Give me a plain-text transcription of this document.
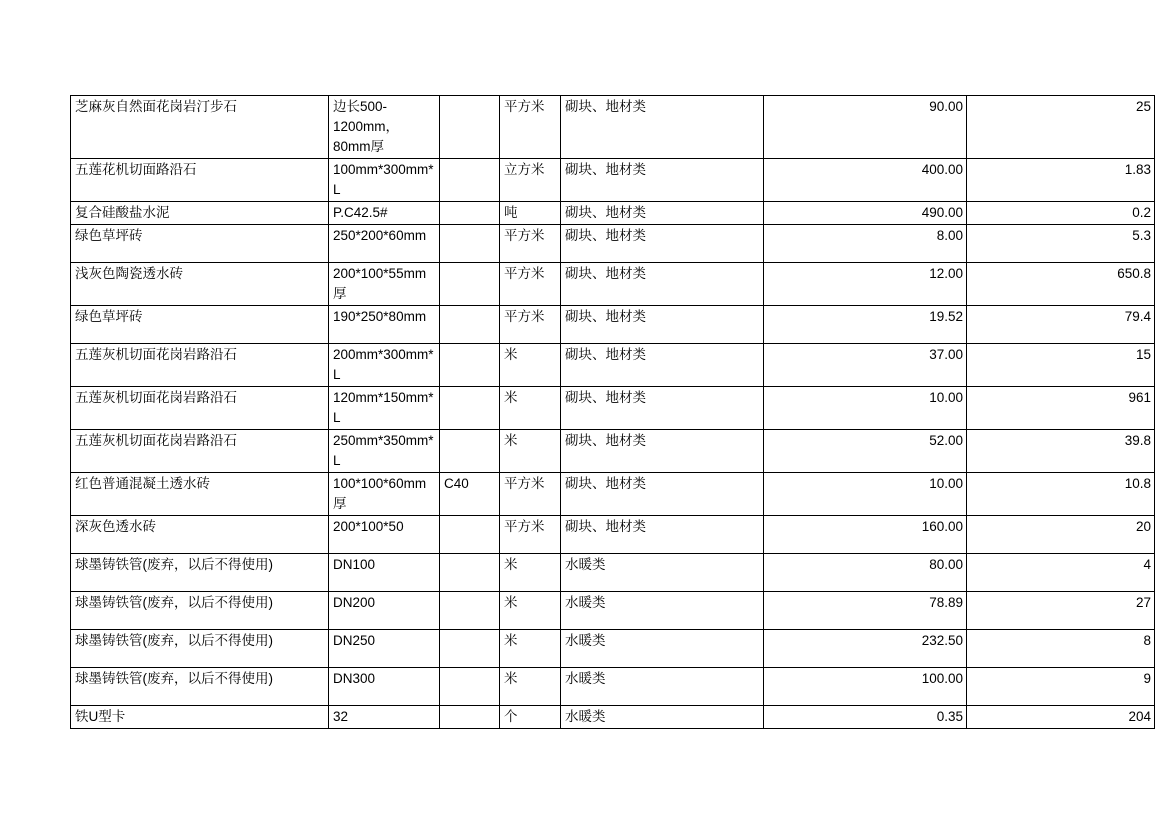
芝麻灰自然面花岗岩汀步石	边长500-1200mm，80mm厚		平方米	砌块、地材类	90.00	25
五莲花机切面路沿石	100mm*300mm*L		立方米	砌块、地材类	400.00	1.83
复合硅酸盐水泥	P.C42.5#		吨	砌块、地材类	490.00	0.2
绿色草坪砖	250*200*60mm		平方米	砌块、地材类	8.00	5.3
浅灰色陶瓷透水砖	200*100*55mm厚		平方米	砌块、地材类	12.00	650.8
绿色草坪砖	190*250*80mm		平方米	砌块、地材类	19.52	79.4
五莲灰机切面花岗岩路沿石	200mm*300mm*L		米	砌块、地材类	37.00	15
五莲灰机切面花岗岩路沿石	120mm*150mm*L		米	砌块、地材类	10.00	961
五莲灰机切面花岗岩路沿石	250mm*350mm*L		米	砌块、地材类	52.00	39.8
红色普通混凝土透水砖	100*100*60mm厚	C40	平方米	砌块、地材类	10.00	10.8
深灰色透水砖	200*100*50		平方米	砌块、地材类	160.00	20
球墨铸铁管(废弃，以后不得使用)	DN100		米	水暖类	80.00	4
球墨铸铁管(废弃，以后不得使用)	DN200		米	水暖类	78.89	27
球墨铸铁管(废弃，以后不得使用)	DN250		米	水暖类	232.50	8
球墨铸铁管(废弃，以后不得使用)	DN300		米	水暖类	100.00	9
铁U型卡	32		个	水暖类	0.35	204
